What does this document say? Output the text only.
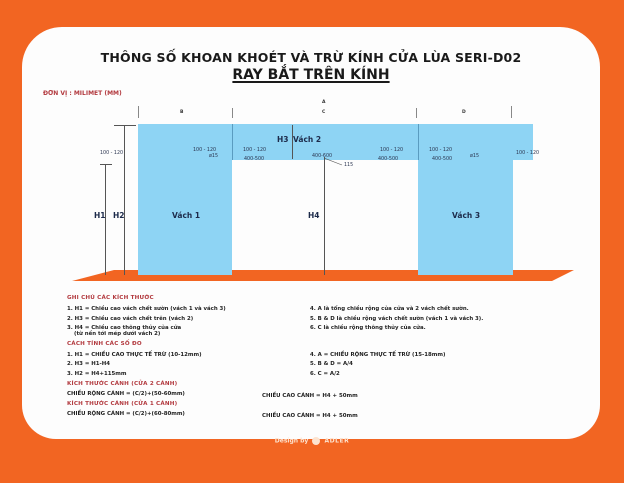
THÔNG SỐ KHOAN KHOÉT VÀ TRỪ KÍNH CỬA LÙA SERI-D02
RAY BẮT TRÊN KÍNH
ĐƠN VỊ : MILIMET (MM)
A
B	C	D
Vách 2
Vách 1	Vách 3
H1 H2
H3
H4
115
100 - 120
100 - 120
ø15
100 - 120
400-500
400-600
100 - 120
400-500
100 - 120
400-500
ø15
100 - 120
GHI CHÚ CÁC KÍCH THƯỚC
1. H1 = Chiều cao vách chết sườn (vách 1 và vách 3)
2. H3 = Chiều cao vách chết trên (vách 2)
3. H4 = Chiều cao thông thủy của cửa
(từ nền tới mép dưới vách 2)
4. A là tổng chiều rộng của cửa và 2 vách chết sườn.
5. B & D là chiều rộng vách chết sườn (vách 1 và vách 3).
6. C là chiều rộng thông thủy của cửa.
CÁCH TÍNH CÁC SỐ ĐO
1. H1 = CHIỀU CAO THỰC TẾ TRỪ (10-12mm)
2. H3 = H1-H4
3. H2 = H4+115mm
4. A = CHIỀU RỘNG THỰC TẾ TRỪ (15-18mm)
5. B & D = A/4
6. C = A/2
KÍCH THƯỚC CÁNH (CỬA 2 CÁNH)
CHIỀU RỘNG CÁNH = (C/2)+(50-60mm)	CHIỀU CAO CÁNH = H4 + 50mm
KÍCH THƯỚC CÁNH (CỬA 1 CÁNH)
CHIỀU RỘNG CÁNH = (C/2)+(60-80mm)	CHIỀU CAO CÁNH = H4 + 50mm
Design by	ADLER
